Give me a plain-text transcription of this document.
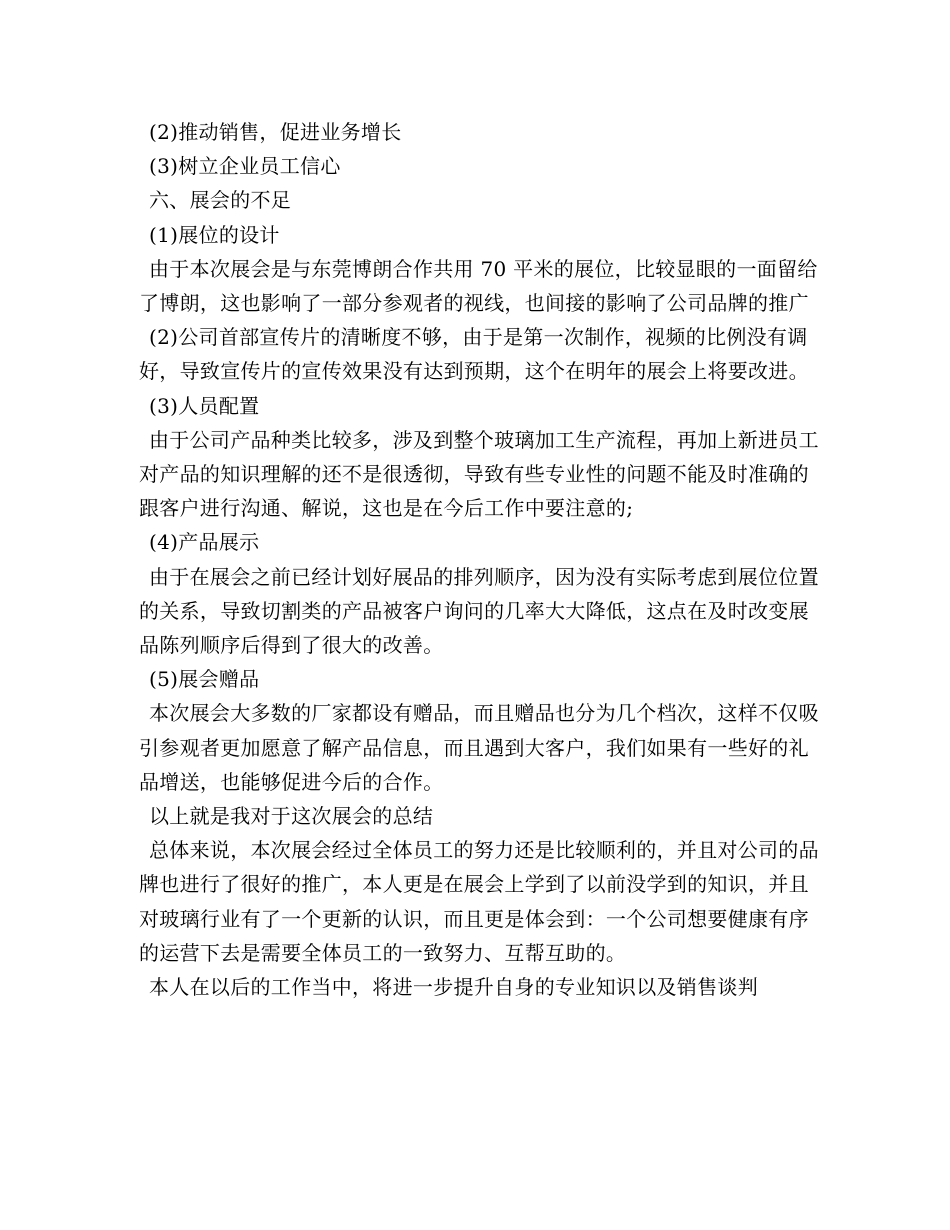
(2)推动销售，促进业务增长

(3)树立企业员工信心

六、展会的不足

(1)展位的设计

由于本次展会是与东莞博朗合作共用 70 平米的展位，比较显眼的一面留给了博朗，这也影响了一部分参观者的视线，也间接的影响了公司品牌的推广

(2)公司首部宣传片的清晰度不够，由于是第一次制作，视频的比例没有调好，导致宣传片的宣传效果没有达到预期，这个在明年的展会上将要改进。

(3)人员配置

由于公司产品种类比较多，涉及到整个玻璃加工生产流程，再加上新进员工对产品的知识理解的还不是很透彻，导致有些专业性的问题不能及时准确的跟客户进行沟通、解说，这也是在今后工作中要注意的;

(4)产品展示

由于在展会之前已经计划好展品的排列顺序，因为没有实际考虑到展位位置的关系，导致切割类的产品被客户询问的几率大大降低，这点在及时改变展品陈列顺序后得到了很大的改善。

(5)展会赠品

本次展会大多数的厂家都设有赠品，而且赠品也分为几个档次，这样不仅吸引参观者更加愿意了解产品信息，而且遇到大客户，我们如果有一些好的礼品增送，也能够促进今后的合作。

以上就是我对于这次展会的总结

总体来说，本次展会经过全体员工的努力还是比较顺利的，并且对公司的品牌也进行了很好的推广，本人更是在展会上学到了以前没学到的知识，并且对玻璃行业有了一个更新的认识，而且更是体会到：一个公司想要健康有序的运营下去是需要全体员工的一致努力、互帮互助的。

本人在以后的工作当中，将进一步提升自身的专业知识以及销售谈判
